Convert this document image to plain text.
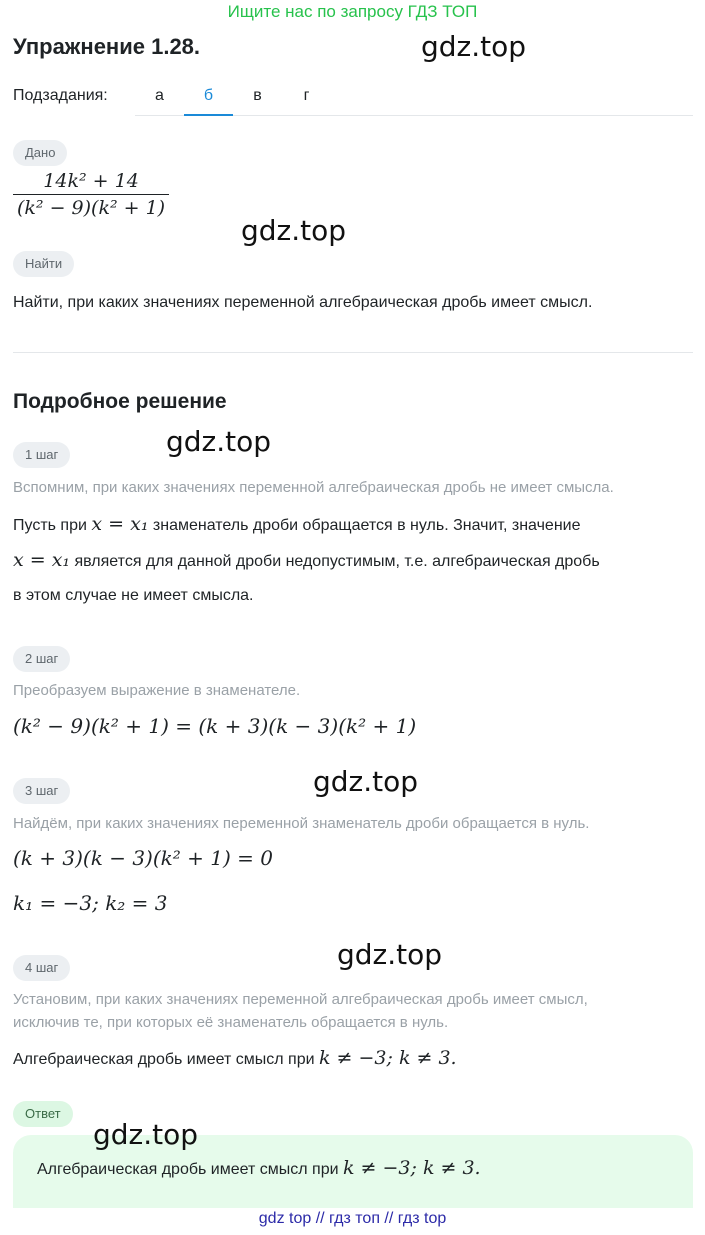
Ищите нас по запросу ГДЗ ТОП
Упражнение 1.28.	gdz.top
Подзадания:	а	б	в	г
Дано
$\frac{\text{14k² + 14}}{\text{(k² − 9)(k² + 1)}}$
gdz.top
Найти
Найти, при каких значениях переменной алгебраическая дробь имеет смысл.
Подробное решение
gdz.top
1 шаг
Вспомним, при каких значениях переменной алгебраическая дробь не имеет смысла.
Пусть при x = x₁ знаменатель дроби обращается в нуль. Значит, значение
x = x₁ является для данной дроби недопустимым, т.е. алгебраическая дробь
в этом случае не имеет смысла.
2 шаг
Преобразуем выражение в знаменателе.
(k² − 9)(k² + 1) = (k + 3)(k − 3)(k² + 1)
gdz.top
3 шаг
Найдём, при каких значениях переменной знаменатель дроби обращается в нуль.
(k + 3)(k − 3)(k² + 1) = 0
k₁ = −3; k₂ = 3
gdz.top
4 шаг
Установим, при каких значениях переменной алгебраическая дробь имеет смысл,
исключив те, при которых её знаменатель обращается в нуль.
Алгебраическая дробь имеет смысл при k ≠ −3; k ≠ 3.
Ответ
Алгебраическая дробь имеет смысл при k ≠ −3; k ≠ 3.
gdz.top
gdz top // гдз топ // гдз top
